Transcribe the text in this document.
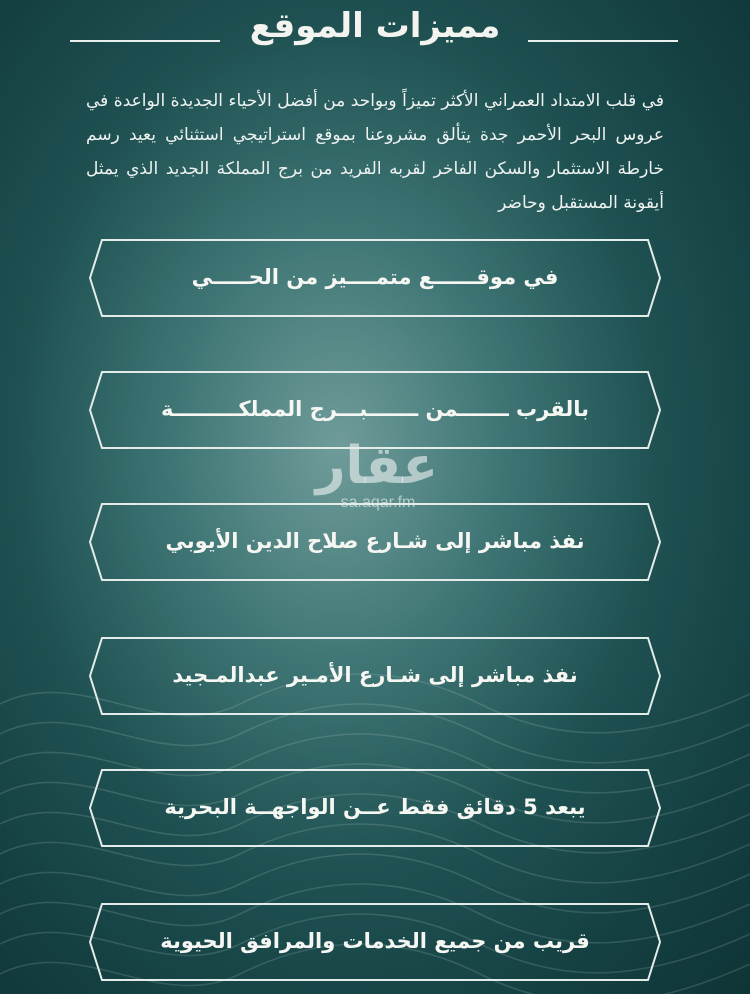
مميزات الموقع
في قلب الامتداد العمراني الأكثر تميزاً وبواحد من أفضل الأحياء الجديدة الواعدة في عروس البحر الأحمر جدة يتألق مشروعنا بموقع استراتيجي استثنائي يعيد رسم خارطة الاستثمار والسكن الفاخر لقربه الفريد من برج المملكة الجديد الذي يمثل أيقونة المستقبل وحاضر
عقار
sa.aqar.fm
في موقــــــع متمــــيز من الحـــــي
بالقرب ـــــــمن ـــــــبـــرج المملكـــــــــة
نفذ مباشر إلى شـارع صلاح الدين الأيوبي
نفذ مباشر إلى شـارع الأمـير عبدالمـجيد
يبعد 5 دقائق فقط عــن الواجهــة البحرية
قريب من جميع الخدمات والمرافق الحيوية
